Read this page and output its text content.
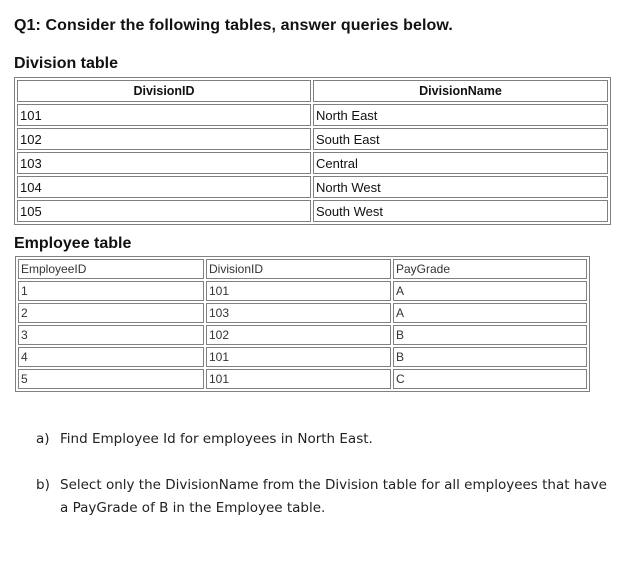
Q1: Consider the following tables, answer queries below.
Division table
DivisionID	DivisionName
101	North East
102	South East
103	Central
104	North West
105	South West
Employee table
EmployeeID	DivisionID	PayGrade
1	101	A
2	103	A
3	102	B
4	101	B
5	101	C
a) Find Employee Id for employees in North East.
b) Select only the DivisionName from the Division table for all employees that have a PayGrade of B in the Employee table.
